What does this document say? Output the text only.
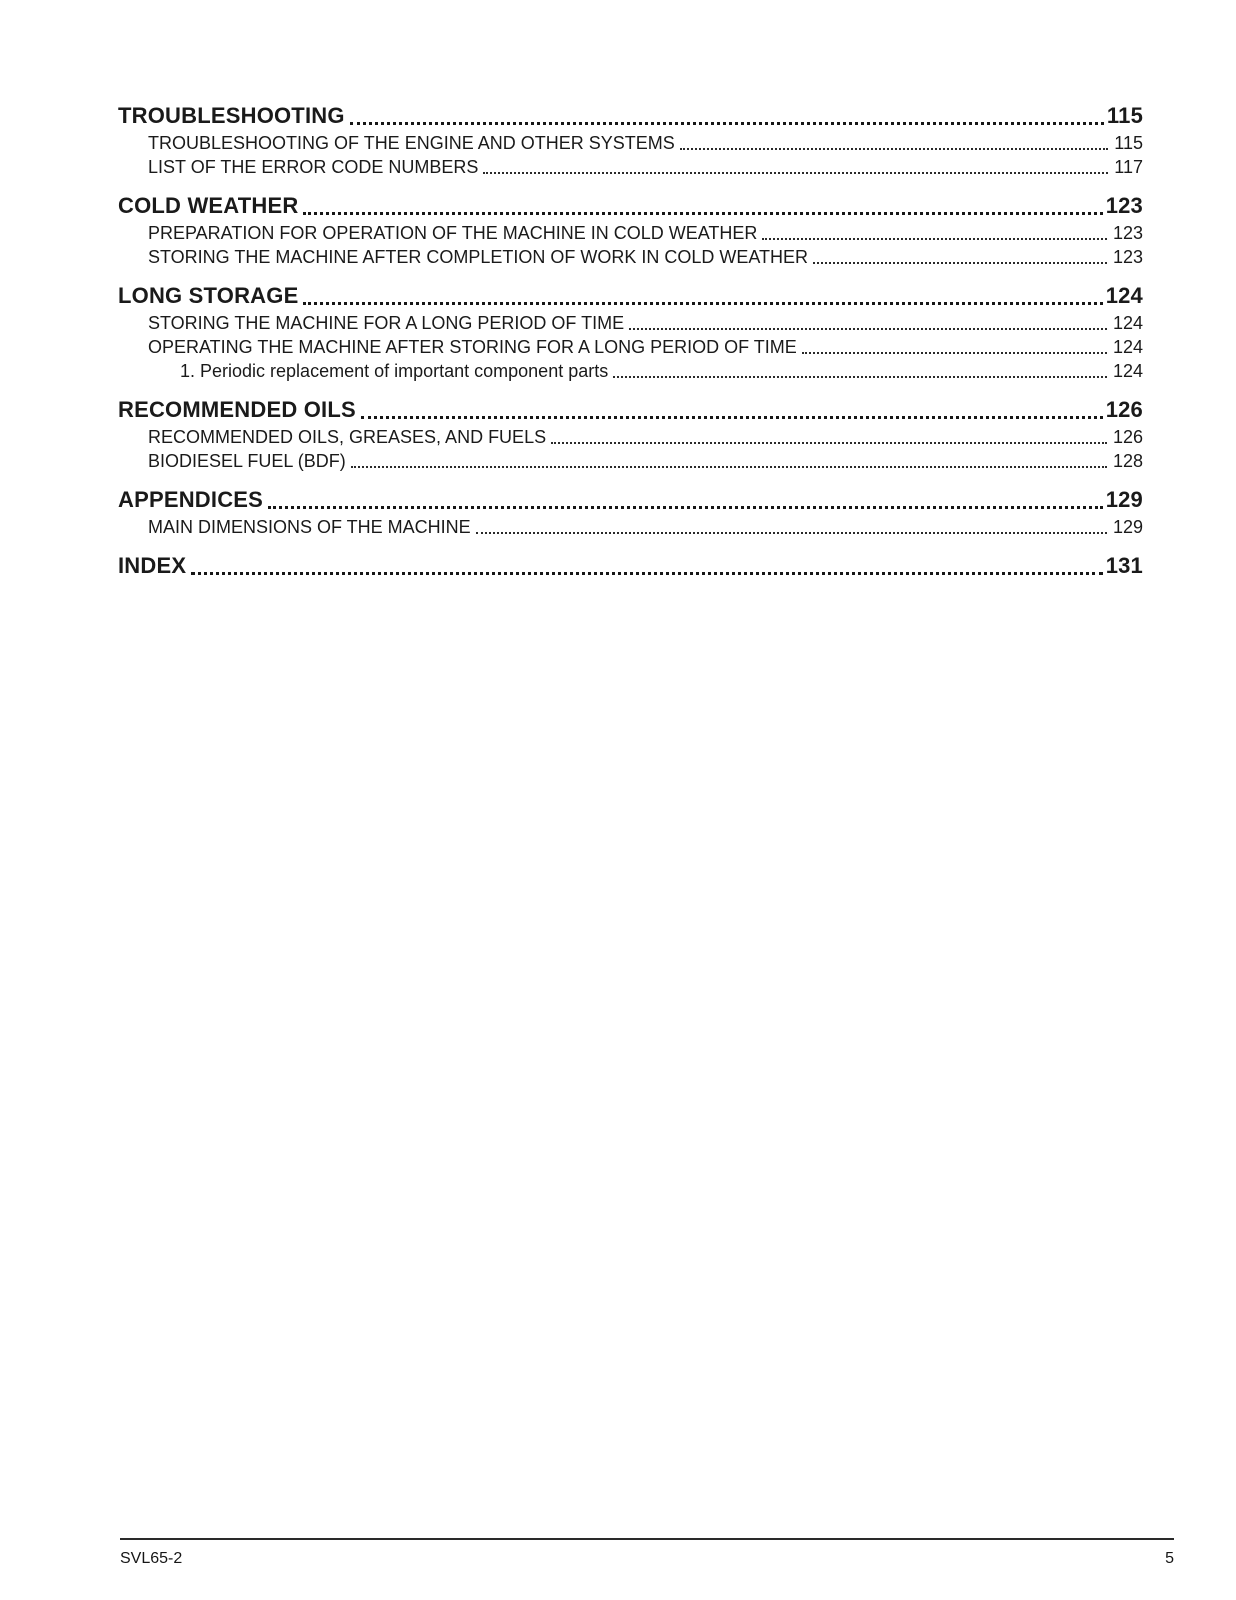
TROUBLESHOOTING	115
TROUBLESHOOTING OF THE ENGINE AND OTHER SYSTEMS	115
LIST OF THE ERROR CODE NUMBERS	117
COLD WEATHER	123
PREPARATION FOR OPERATION OF THE MACHINE IN COLD WEATHER	123
STORING THE MACHINE AFTER COMPLETION OF WORK IN COLD WEATHER	123
LONG STORAGE	124
STORING THE MACHINE FOR A LONG PERIOD OF TIME	124
OPERATING THE MACHINE AFTER STORING FOR A LONG PERIOD OF TIME	124
1. Periodic replacement of important component parts	124
RECOMMENDED OILS	126
RECOMMENDED OILS, GREASES, AND FUELS	126
BIODIESEL FUEL (BDF)	128
APPENDICES	129
MAIN DIMENSIONS OF THE MACHINE	129
INDEX	131
SVL65-2	5
